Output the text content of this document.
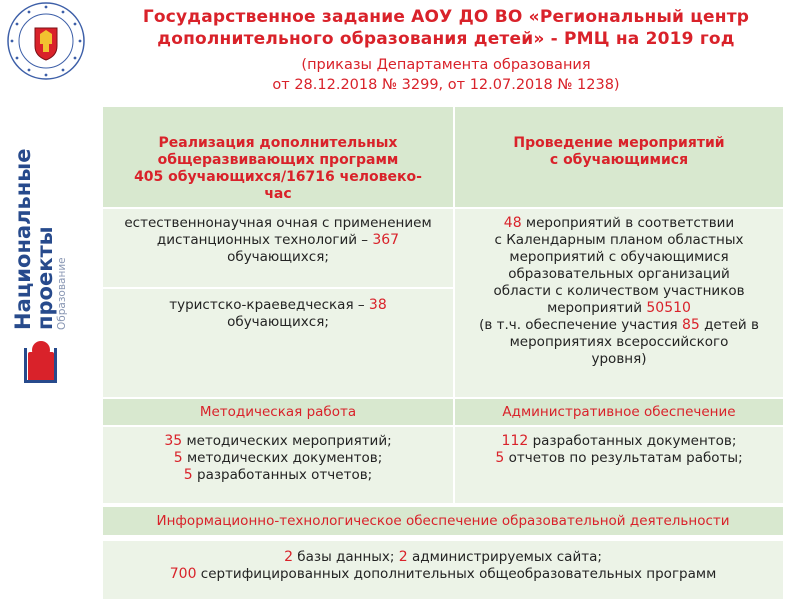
Национальные
проекты Образование
Государственное задание АОУ ДО ВО «Региональный центр
дополнительного образования детей» - РМЦ на 2019 год
(приказы Департамента образования
от 28.12.2018 № 3299, от 12.07.2018 № 1238)
Реализация дополнительных
общеразвивающих программ
405 обучающихся/16716 человеко-
час
Проведение мероприятий
с обучающимися
естественнонаучная очная с применением
дистанционных технологий – 367
обучающихся;
туристско-краеведческая – 38
обучающихся;
48 мероприятий в соответствии
с Календарным планом областных
мероприятий с обучающимися
образовательных организаций
области с количеством участников
мероприятий 50510
(в т.ч. обеспечение участия 85 детей в
мероприятиях всероссийского
уровня)
Методическая работа	Административное обеспечение
35 методических мероприятий;
5 методических документов;
5 разработанных отчетов;
112 разработанных документов;
5 отчетов по результатам работы;
Информационно-технологическое обеспечение образовательной деятельности
2 базы данных; 2 администрируемых сайта;
700 сертифицированных дополнительных общеобразовательных программ
